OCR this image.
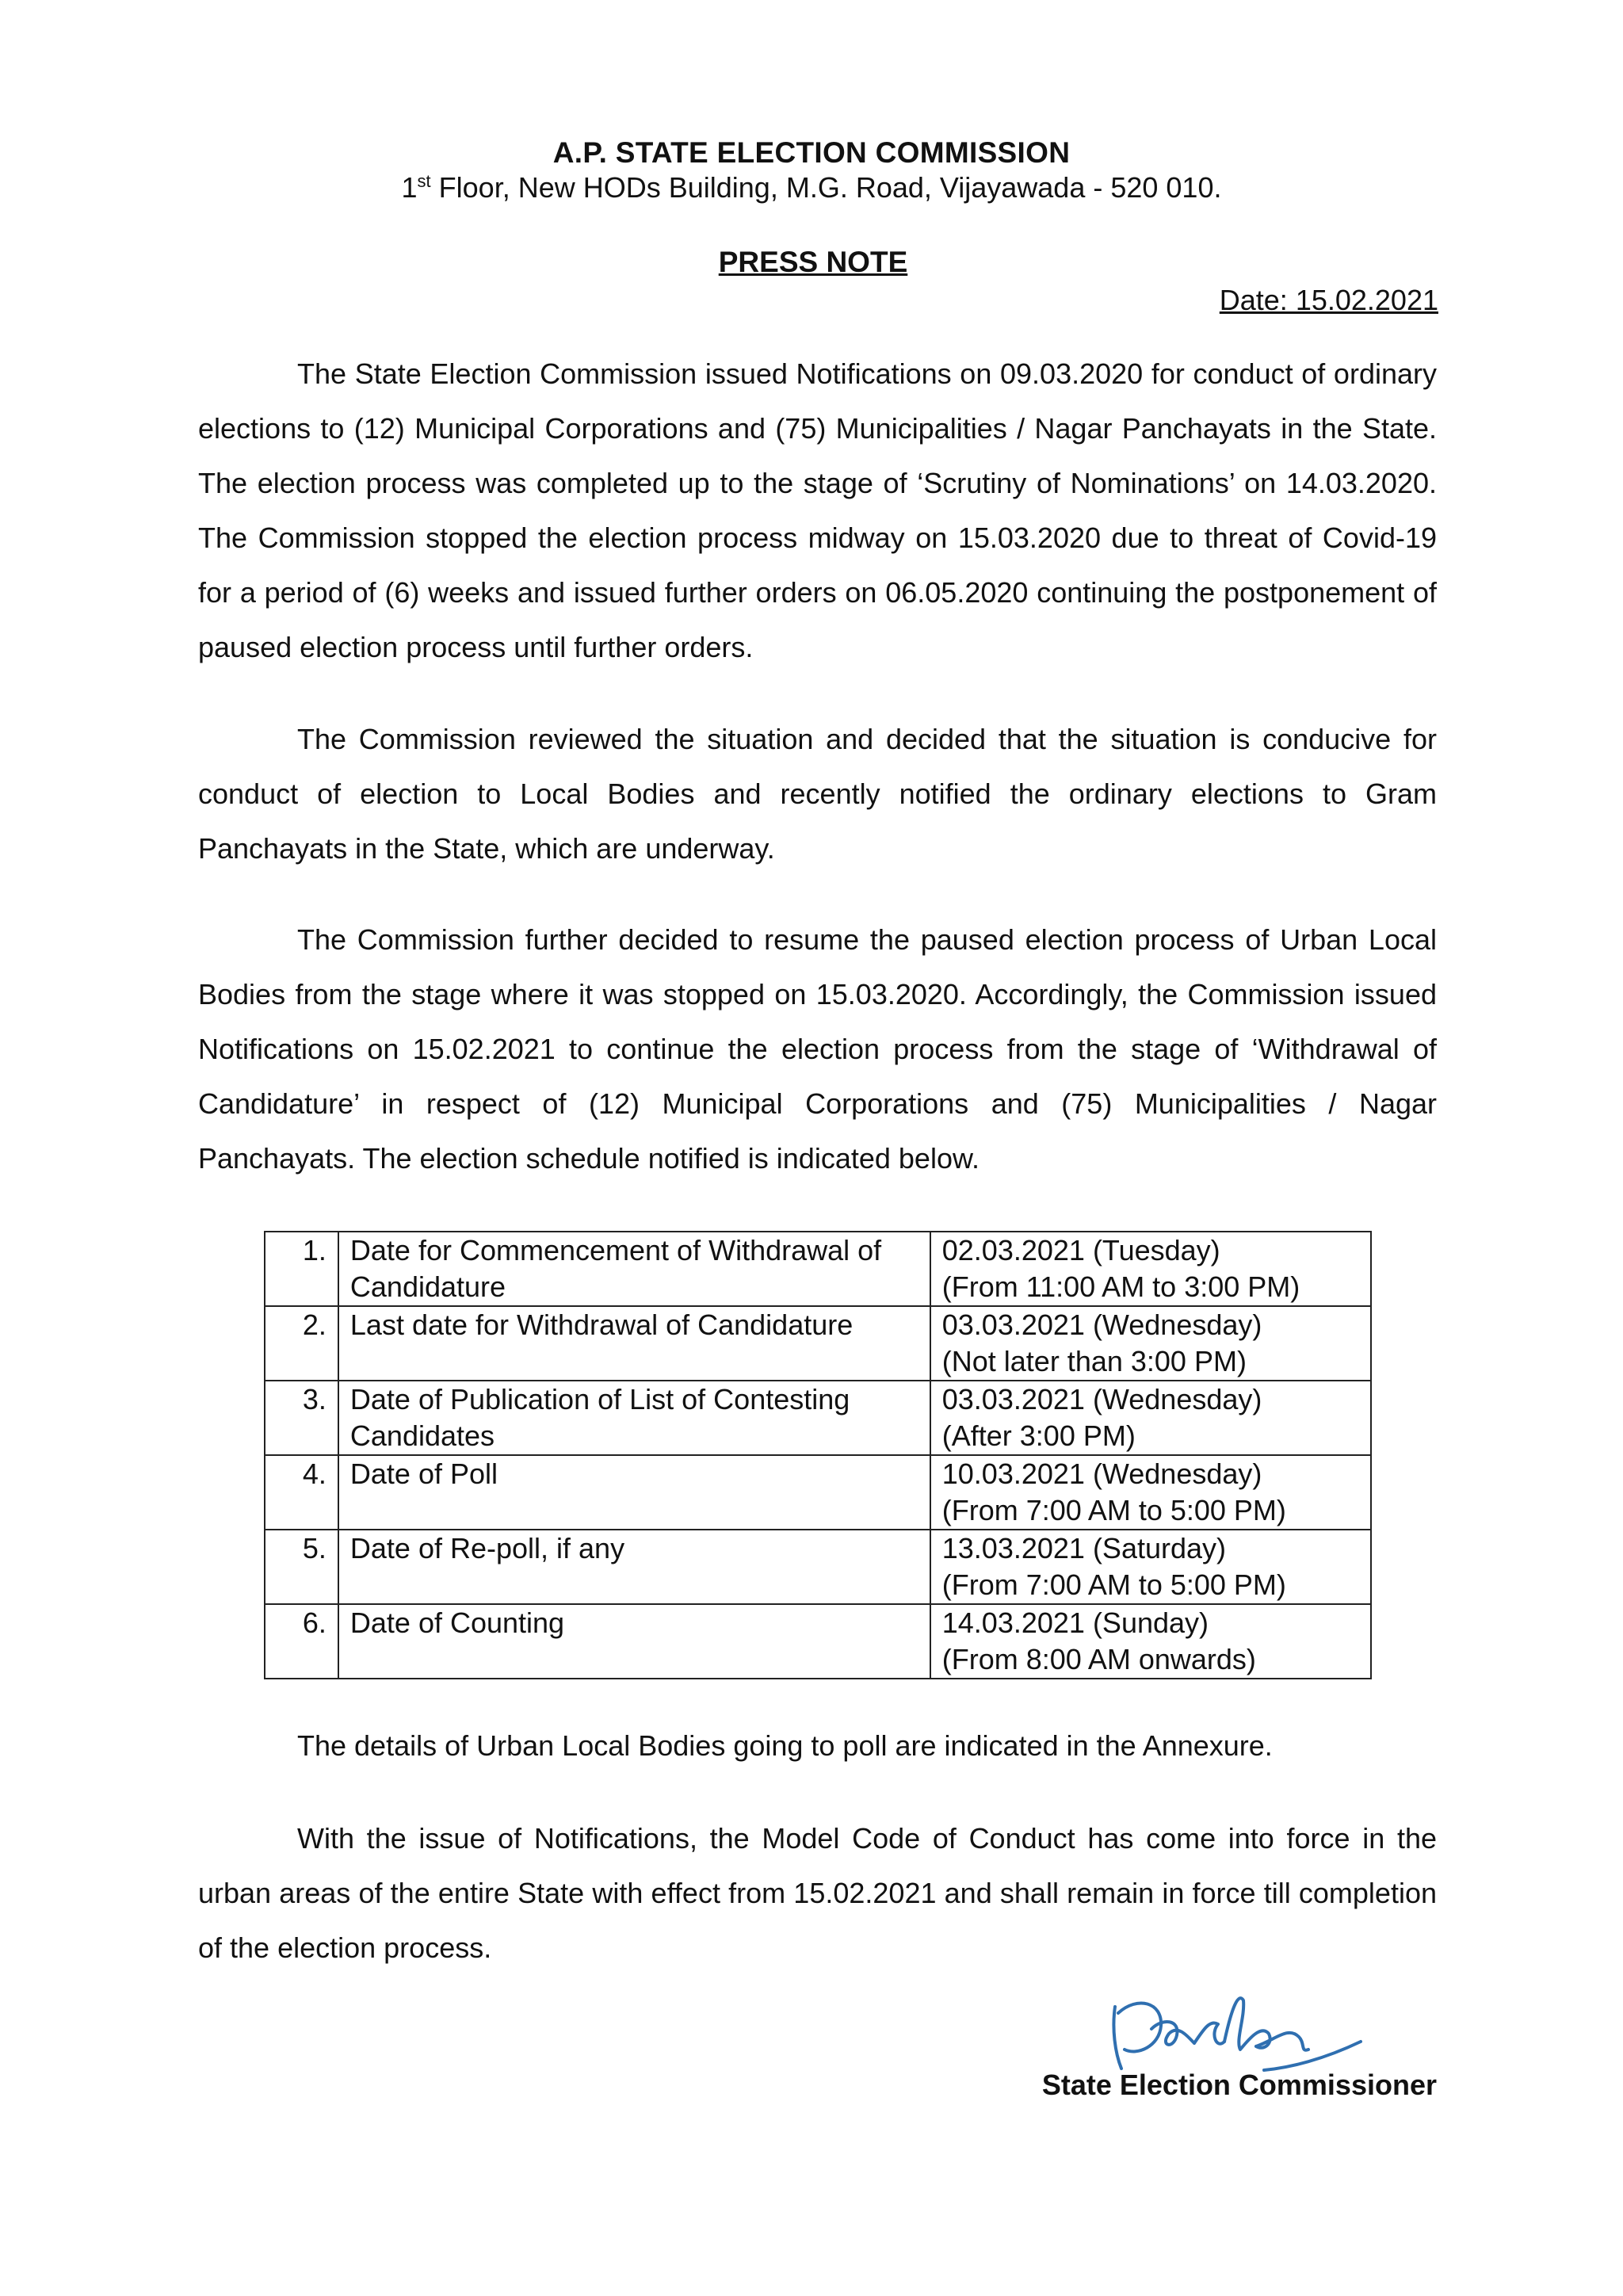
A.P. STATE ELECTION COMMISSION
1st Floor, New HODs Building, M.G. Road, Vijayawada - 520 010.
PRESS NOTE
Date: 15.02.2021

The State Election Commission issued Notifications on 09.03.2020 for conduct of ordinary elections to (12) Municipal Corporations and (75) Municipalities / Nagar Panchayats in the State. The election process was completed up to the stage of ‘Scrutiny of Nominations’ on 14.03.2020. The Commission stopped the election process midway on 15.03.2020 due to threat of Covid-19 for a period of (6) weeks and issued further orders on 06.05.2020 continuing the postponement of paused election process until further orders.

The Commission reviewed the situation and decided that the situation is conducive for conduct of election to Local Bodies and recently notified the ordinary elections to Gram Panchayats in the State, which are underway.

The Commission further decided to resume the paused election process of Urban Local Bodies from the stage where it was stopped on 15.03.2020. Accordingly, the Commission issued Notifications on 15.02.2021 to continue the election process from the stage of ‘Withdrawal of Candidature’ in respect of (12) Municipal Corporations and (75) Municipalities / Nagar Panchayats. The election schedule notified is indicated below.

1.	Date for Commencement of Withdrawal of Candidature	02.03.2021 (Tuesday)
(From 11:00 AM to 3:00 PM)

2.	Last date for Withdrawal of Candidature	03.03.2021 (Wednesday)
(Not later than 3:00 PM)

3.	Date of Publication of List of Contesting Candidates	03.03.2021 (Wednesday)
(After 3:00 PM)

4.	Date of Poll	10.03.2021 (Wednesday)
(From 7:00 AM to 5:00 PM)

5.	Date of Re-poll, if any	13.03.2021 (Saturday)
(From 7:00 AM to 5:00 PM)

6.	Date of Counting	14.03.2021 (Sunday)
(From 8:00 AM onwards)

The details of Urban Local Bodies going to poll are indicated in the Annexure.

With the issue of Notifications, the Model Code of Conduct has come into force in the urban areas of the entire State with effect from 15.02.2021 and shall remain in force till completion of the election process.

State Election Commissioner
